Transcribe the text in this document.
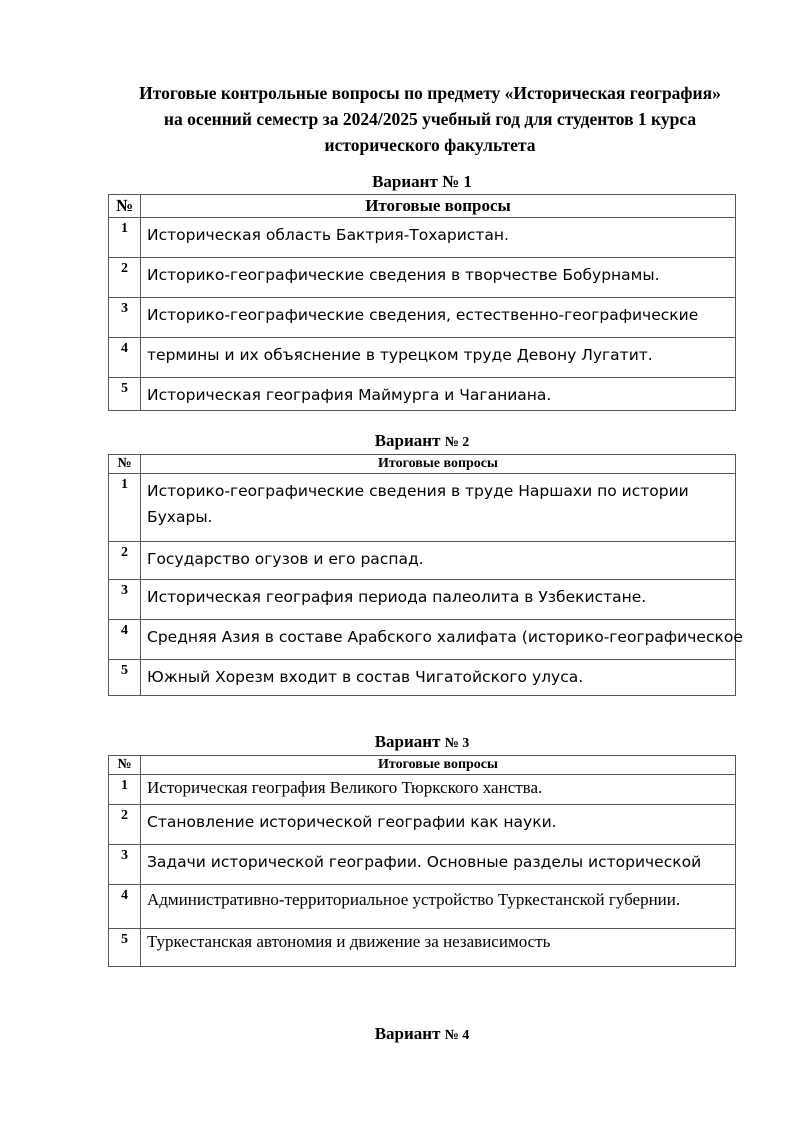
Итоговые контрольные вопросы по предмету «Историческая география»
на осенний семестр за 2024/2025 учебный год для студентов 1 курса
исторического факультета
Вариант № 1
№	Итоговые вопросы
1	Историческая область Бактрия-Тохаристан.
2	Историко-географические сведения в творчестве Бобурнамы.
3	Историко-географические сведения, естественно-географические
4	термины и их объяснение в турецком труде Девону Лугатит.
5	Историческая география Маймурга и Чаганиана.
Вариант № 2
№	Итоговые вопросы
1	Историко-географические сведения в труде Наршахи по истории Бухары.
2	Государство огузов и его распад.
3	Историческая география периода палеолита в Узбекистане.
4	Средняя Азия в составе Арабского халифата (историко-географическое
5	Южный Хорезм входит в состав Чигатойского улуса.
Вариант № 3
№	Итоговые вопросы
1	Историческая география Великого Тюркского ханства.
2	Становление исторической географии как науки.
3	Задачи исторической географии. Основные разделы исторической
4	Административно-территориальное устройство Туркестанской губернии.
5	Туркестанская автономия и движение за независимость
Вариант № 4
